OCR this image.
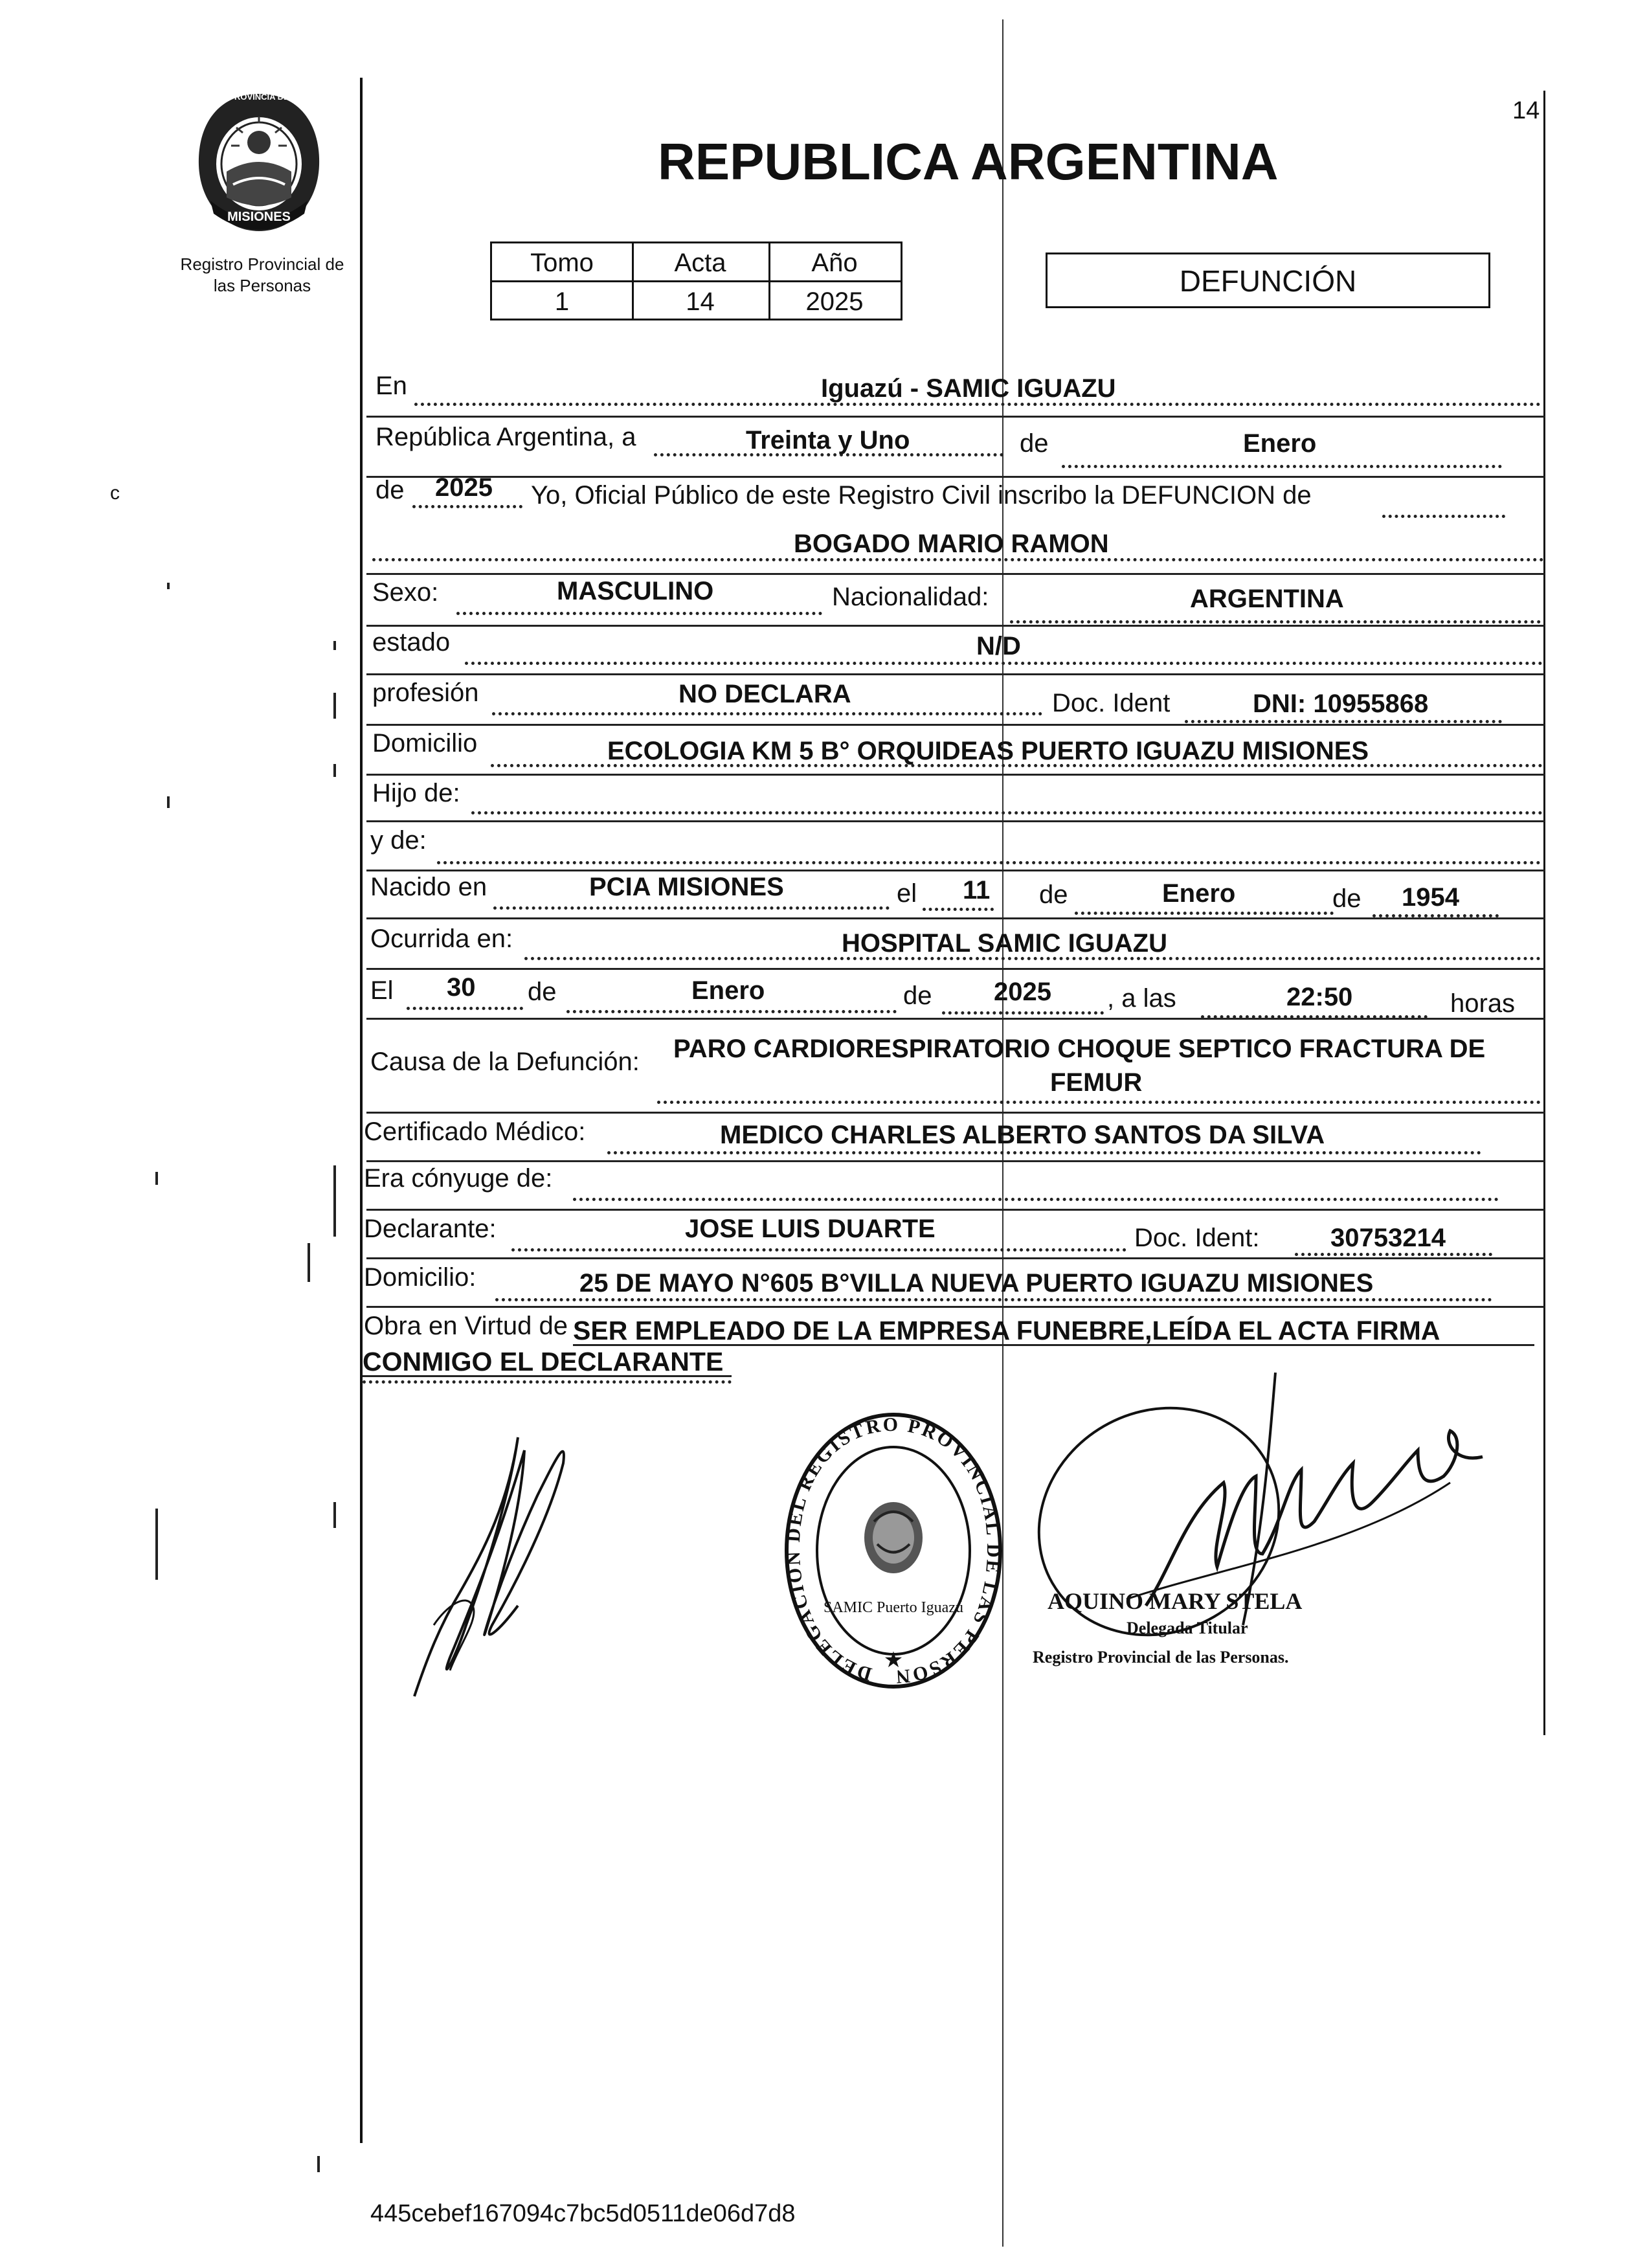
14
PROVINCIA DE
MISIONES
Registro Provincial de
las Personas
REPUBLICA ARGENTINA
Tomo	Acta	Año
1	14	2025
DEFUNCIÓN
En	Iguazú - SAMIC IGUAZU
República Argentina, a	Treinta y Uno	de	Enero
de 2025 Yo, Oficial Público de este Registro Civil inscribo la DEFUNCION de
BOGADO MARIO RAMON
Sexo:	MASCULINO	Nacionalidad:	ARGENTINA
estado	N/D
profesión	NO DECLARA	Doc. Ident	DNI: 10955868
Domicilio	ECOLOGIA KM 5 B° ORQUIDEAS PUERTO IGUAZU MISIONES
Hijo de:
y de:
Nacido en	PCIA MISIONES	el 11 de	Enero	de 1954
Ocurrida en:	HOSPITAL SAMIC IGUAZU
El 30 de	Enero	de 2025 , a las	22:50	horas
Causa de la Defunción: PARO CARDIORESPIRATORIO CHOQUE SEPTICO FRACTURA DE
FEMUR
Certificado Médico:	MEDICO CHARLES ALBERTO SANTOS DA SILVA
Era cónyuge de:
Declarante:	JOSE LUIS DUARTE	Doc. Ident:	30753214
Domicilio:	25 DE MAYO N°605 B°VILLA NUEVA PUERTO IGUAZU MISIONES
Obra en Virtud de SER EMPLEADO DE LA EMPRESA FUNEBRE,LEÍDA EL ACTA FIRMA
CONMIGO EL DECLARANTE
DELEGACION DEL REGISTRO PROVINCIAL DE LAS PERSON
SAMIC Puerto Iguazú
★
AQUINO MARY STELA
Delegada Titular
Registro Provincial de las Personas.
445cebef167094c7bc5d0511de06d7d8
c
